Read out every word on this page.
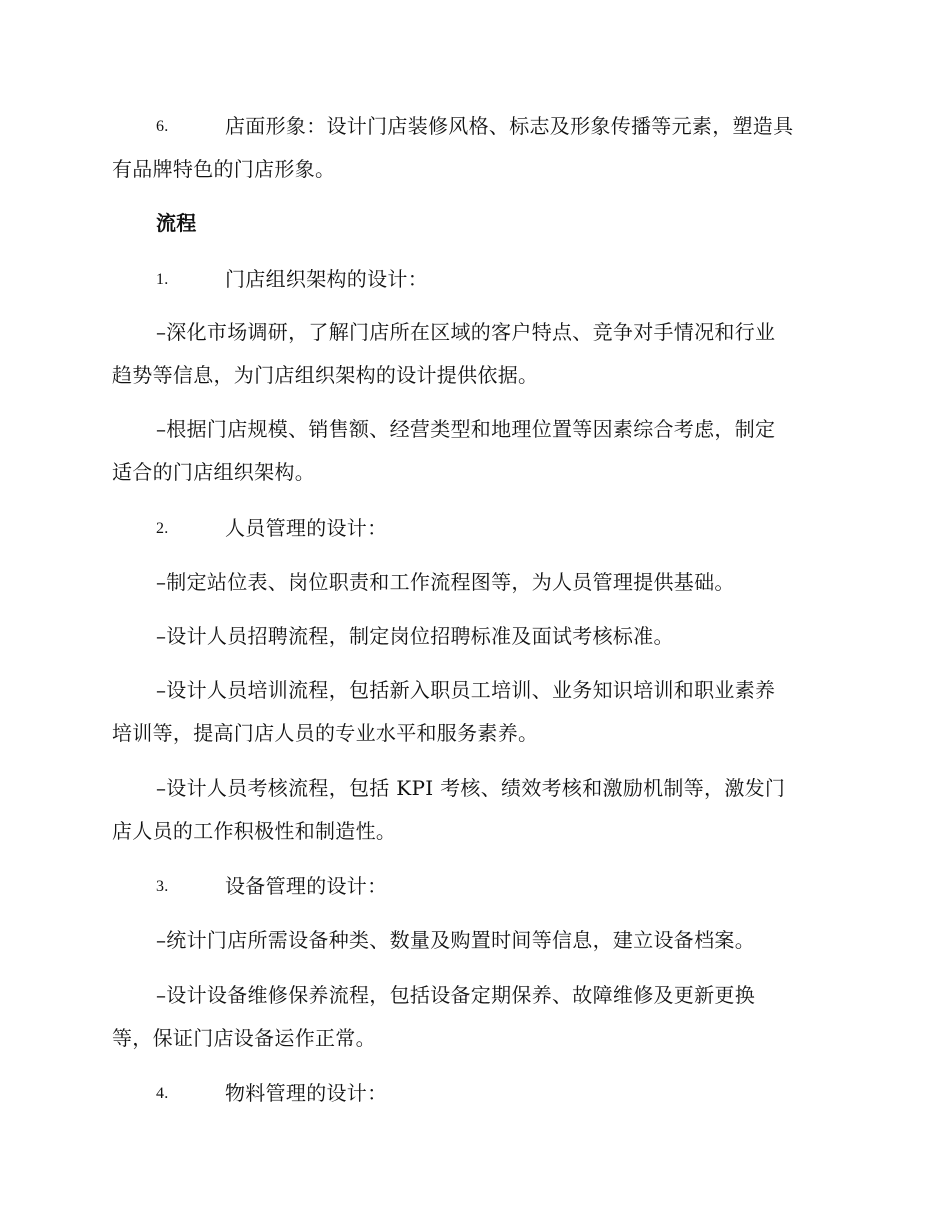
6.	店面形象：设计门店装修风格、标志及形象传播等元素，塑造具
有品牌特色的门店形象。
流程
1.	门店组织架构的设计：
–深化市场调研，了解门店所在区域的客户特点、竞争对手情况和行业
趋势等信息，为门店组织架构的设计提供依据。
–根据门店规模、销售额、经营类型和地理位置等因素综合考虑，制定
适合的门店组织架构。
2.	人员管理的设计：
–制定站位表、岗位职责和工作流程图等，为人员管理提供基础。
–设计人员招聘流程，制定岗位招聘标准及面试考核标准。
–设计人员培训流程，包括新入职员工培训、业务知识培训和职业素养
培训等，提高门店人员的专业水平和服务素养。
–设计人员考核流程，包括 KPI 考核、绩效考核和激励机制等，激发门
店人员的工作积极性和制造性。
3.	设备管理的设计：
–统计门店所需设备种类、数量及购置时间等信息，建立设备档案。
–设计设备维修保养流程，包括设备定期保养、故障维修及更新更换
等，保证门店设备运作正常。
4.	物料管理的设计：
